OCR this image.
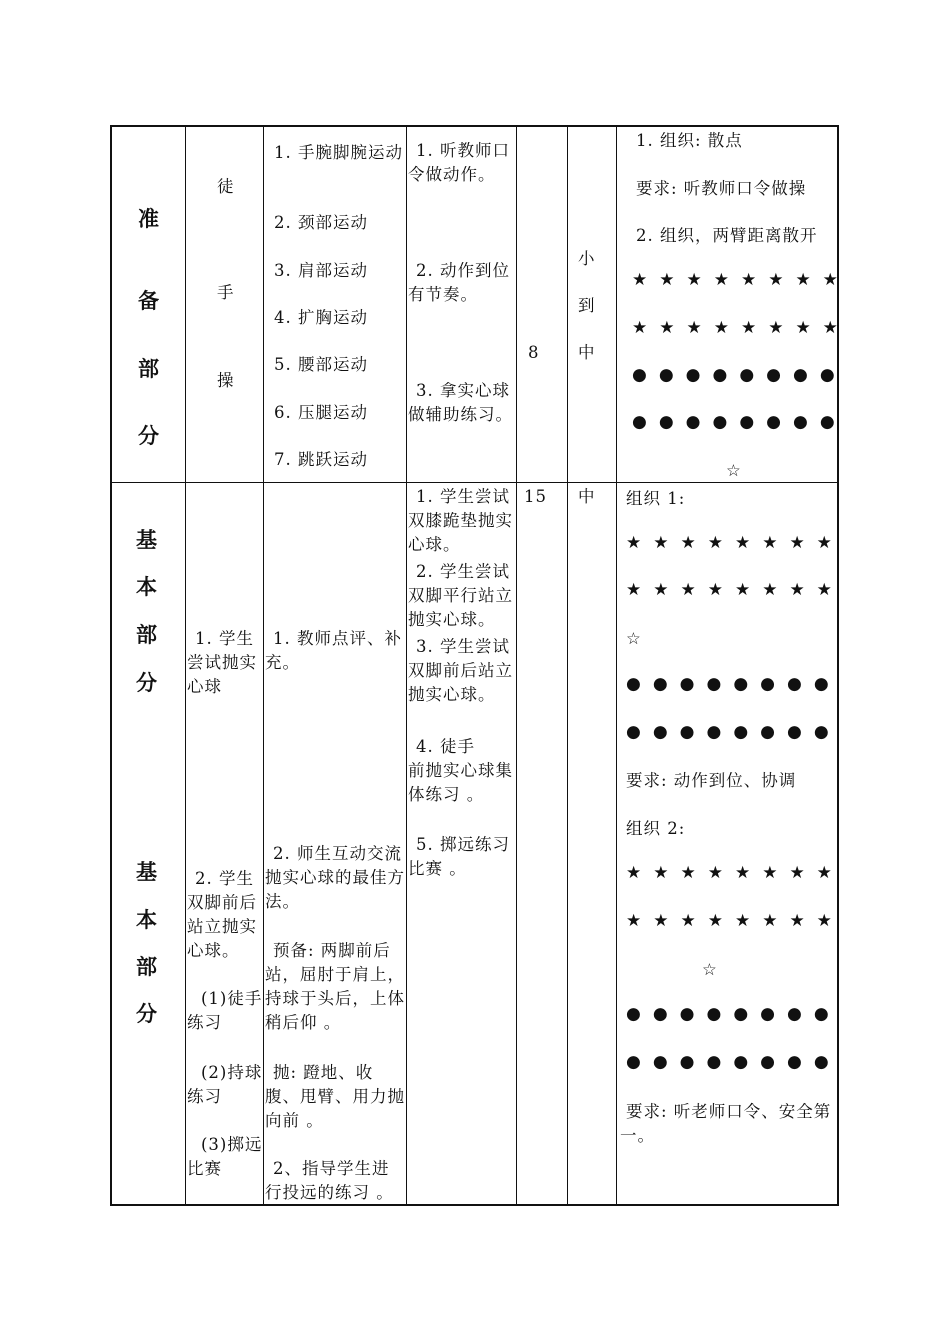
准
备
部
分
徒
手
操
1. 手腕脚腕运动
2. 颈部运动
3. 肩部运动
4. 扩胸运动
5. 腰部运动
6. 压腿运动
7. 跳跃运动
1. 听教师口令做动作。
2. 动作到位有节奏。
3. 拿实心球做辅助练习。
8
小
到
中
1. 组织: 散点
要求: 听教师口令做操
2. 组织，两臂距离散开
★★★★★★★★
★★★★★★★★
●●●●●●●●
●●●●●●●●
☆
基
本
部
分
基
本
部
分
1. 学生尝试抛实心球
2. 学生双脚前后站立抛实心球。
(1)徒手练习
(2)持球练习
(3)掷远比赛
1. 教师点评、补充。
2. 师生互动交流抛实心球的最佳方法。
预备: 两脚前后站，屈肘于肩上，持球于头后，上体稍后仰 。
抛: 蹬地、收腹、甩臂、用力抛向前 。
2、指导学生进行投远的练习 。
1. 学生尝试双膝跪垫抛实心球。
2. 学生尝试双脚平行站立抛实心球。
3. 学生尝试双脚前后站立抛实心球。
4. 徒手
前抛实心球集体练习 。
5. 掷远练习比赛 。
15 中 组织 1:
★★★★★★★★
★★★★★★★★
☆
●●●●●●●●
●●●●●●●●
要求: 动作到位、协调
组织 2:
★★★★★★★★
★★★★★★★★
☆
●●●●●●●●
●●●●●●●●
要求: 听老师口令、安全第一。
